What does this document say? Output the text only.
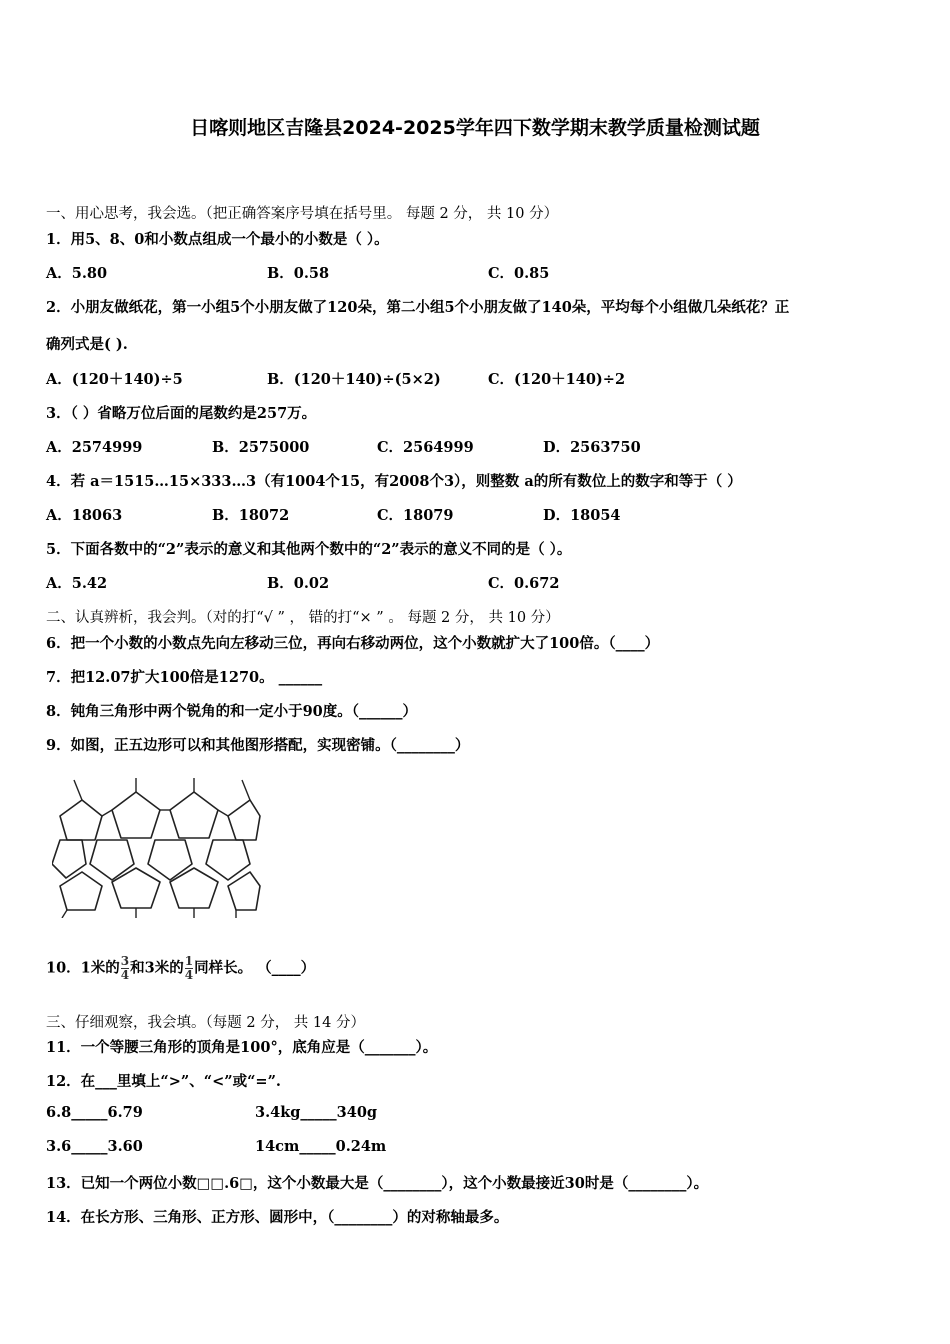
日喀则地区吉隆县2024-2025学年四下数学期末教学质量检测试题
一、用心思考，我会选。（把正确答案序号填在括号里。 每题 2 分， 共 10 分）
1．用5、8、0和小数点组成一个最小的小数是（ ）。
A．5.80	B．0.58	C．0.85
2．小朋友做纸花，第一小组5个小朋友做了120朵，第二小组5个小朋友做了140朵，平均每个小组做几朵纸花？正
确列式是( ).
A．(120＋140)÷5	B．(120＋140)÷(5×2)	C．(120＋140)÷2
3．（ ）省略万位后面的尾数约是257万。
A．2574999	B．2575000	C．2564999	D．2563750
4．若 a＝1515…15×333…3（有1004个15，有2008个3），则整数 a的所有数位上的数字和等于（ ）
A．18063	B．18072	C．18079	D．18054
5．下面各数中的“2”表示的意义和其他两个数中的“2”表示的意义不同的是（ ）。
A．5.42	B．0.02	C．0.672
二、认真辨析，我会判。（对的打“√ ” ， 错的打“× ” 。 每题 2 分， 共 10 分）
6．把一个小数的小数点先向左移动三位，再向右移动两位，这个小数就扩大了100倍。（____）
7．把12.07扩大100倍是1270。 ______
8．钝角三角形中两个锐角的和一定小于90度。（______）
9．如图，正五边形可以和其他图形搭配，实现密铺。（________）
10．1米的 $\frac{3}{4}$ 和3米的 $\frac{1}{4}$ 同样长。 （____）
三、仔细观察，我会填。（每题 2 分， 共 14 分）
11．一个等腰三角形的顶角是100°，底角应是（_______）。
12．在___里填上“>”、“<”或“=”.
6.8_____6.79	3.4kg_____340g
3.6_____3.60	14cm_____0.24m
13．已知一个两位小数□□.6□，这个小数最大是（________），这个小数最接近30时是（________）。
14．在长方形、三角形、正方形、圆形中，（________）的对称轴最多。
